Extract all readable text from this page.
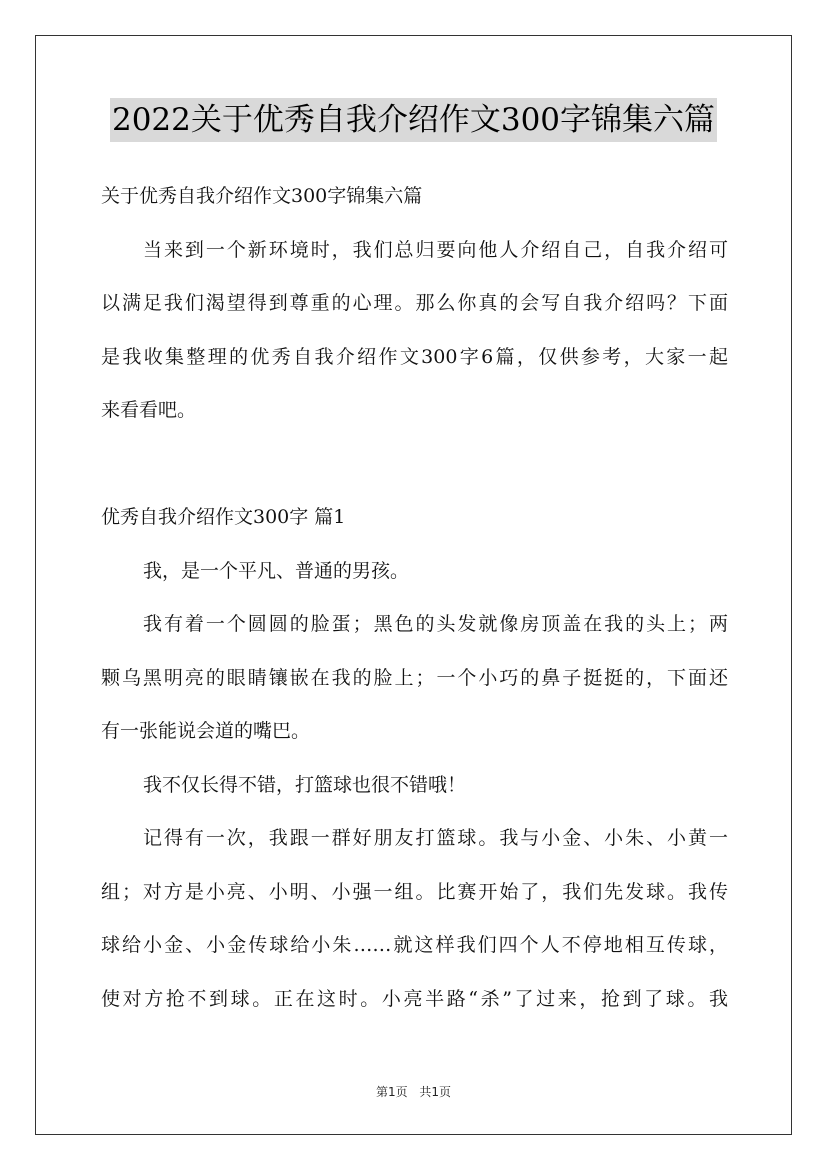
2022关于优秀自我介绍作文300字锦集六篇
关于优秀自我介绍作文300字锦集六篇
当来到一个新环境时，我们总归要向他人介绍自己，自我介绍可
以满足我们渴望得到尊重的心理。那么你真的会写自我介绍吗？下面
是我收集整理的优秀自我介绍作文300字6篇，仅供参考，大家一起
来看看吧。
优秀自我介绍作文300字 篇1
我，是一个平凡、普通的男孩。
我有着一个圆圆的脸蛋；黑色的头发就像房顶盖在我的头上；两
颗乌黑明亮的眼睛镶嵌在我的脸上；一个小巧的鼻子挺挺的，下面还
有一张能说会道的嘴巴。
我不仅长得不错，打篮球也很不错哦！
记得有一次，我跟一群好朋友打篮球。我与小金、小朱、小黄一
组；对方是小亮、小明、小强一组。比赛开始了，我们先发球。我传
球给小金、小金传球给小朱……就这样我们四个人不停地相互传球，
使对方抢不到球。正在这时。小亮半路“杀”了过来，抢到了球。我
第1页 共1页
